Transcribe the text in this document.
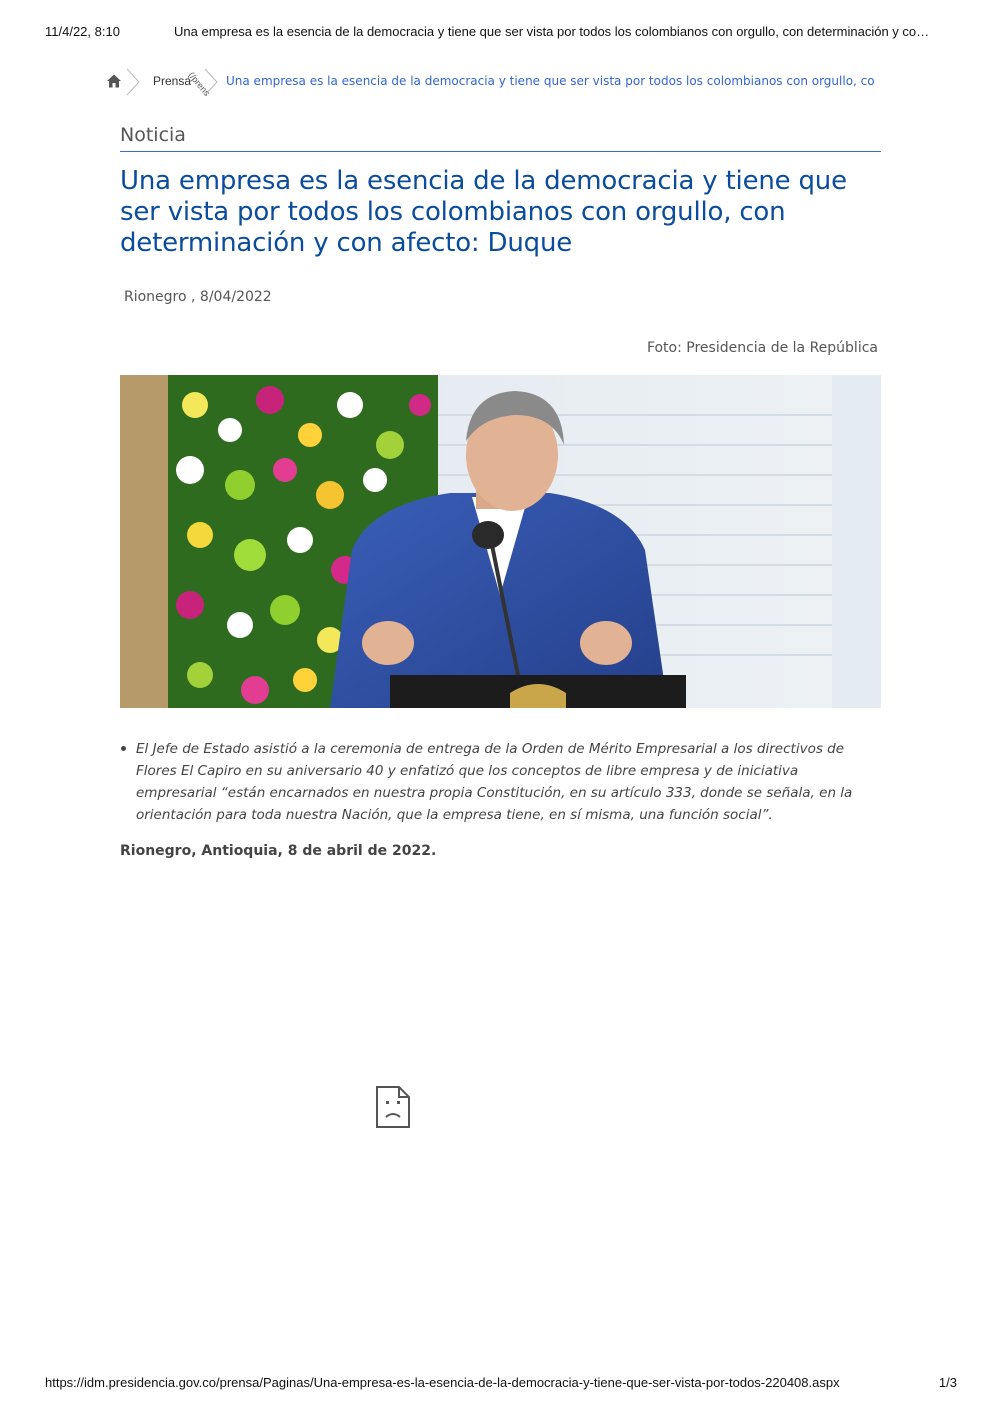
11/4/22, 8:10	Una empresa es la esencia de la democracia y tiene que ser vista por todos los colombianos con orgullo, con determinación y co…
Prensa
(/prens Una empresa es la esencia de la democracia y tiene que ser vista por todos los colombianos con orgullo, co
Noticia
Una empresa es la esencia de la democracia y tiene que ser vista por todos los colombianos con orgullo, con determinación y con afecto: Duque
Rionegro , 8/04/2022
Foto: Presidencia de la República
El Jefe de Estado asistió a la ceremonia de entrega de la Orden de Mérito Empresarial a los directivos de Flores El Capiro en su aniversario 40 y enfatizó que los conceptos de libre empresa y de iniciativa empresarial “están encarnados en nuestra propia Constitución, en su artículo 333, donde se señala, en la orientación para toda nuestra Nación, que la empresa tiene, en sí misma, una función social”.
Rionegro, Antioquia, 8 de abril de 2022.
https://idm.presidencia.gov.co/prensa/Paginas/Una-empresa-es-la-esencia-de-la-democracia-y-tiene-que-ser-vista-por-todos-220408.aspx	1/3
